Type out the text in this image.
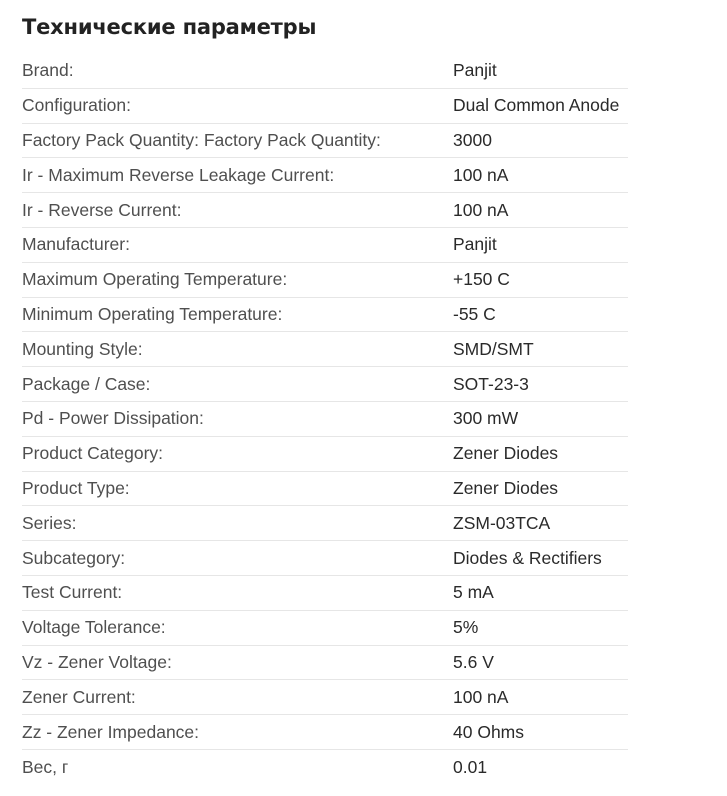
Технические параметры
Brand:	Panjit
Configuration:	Dual Common Anode
Factory Pack Quantity: Factory Pack Quantity:	3000
Ir - Maximum Reverse Leakage Current:	100 nA
Ir - Reverse Current:	100 nA
Manufacturer:	Panjit
Maximum Operating Temperature:	+150 C
Minimum Operating Temperature:	-55 C
Mounting Style:	SMD/SMT
Package / Case:	SOT-23-3
Pd - Power Dissipation:	300 mW
Product Category:	Zener Diodes
Product Type:	Zener Diodes
Series:	ZSM-03TCA
Subcategory:	Diodes & Rectifiers
Test Current:	5 mA
Voltage Tolerance:	5%
Vz - Zener Voltage:	5.6 V
Zener Current:	100 nA
Zz - Zener Impedance:	40 Ohms
Вес, г	0.01
